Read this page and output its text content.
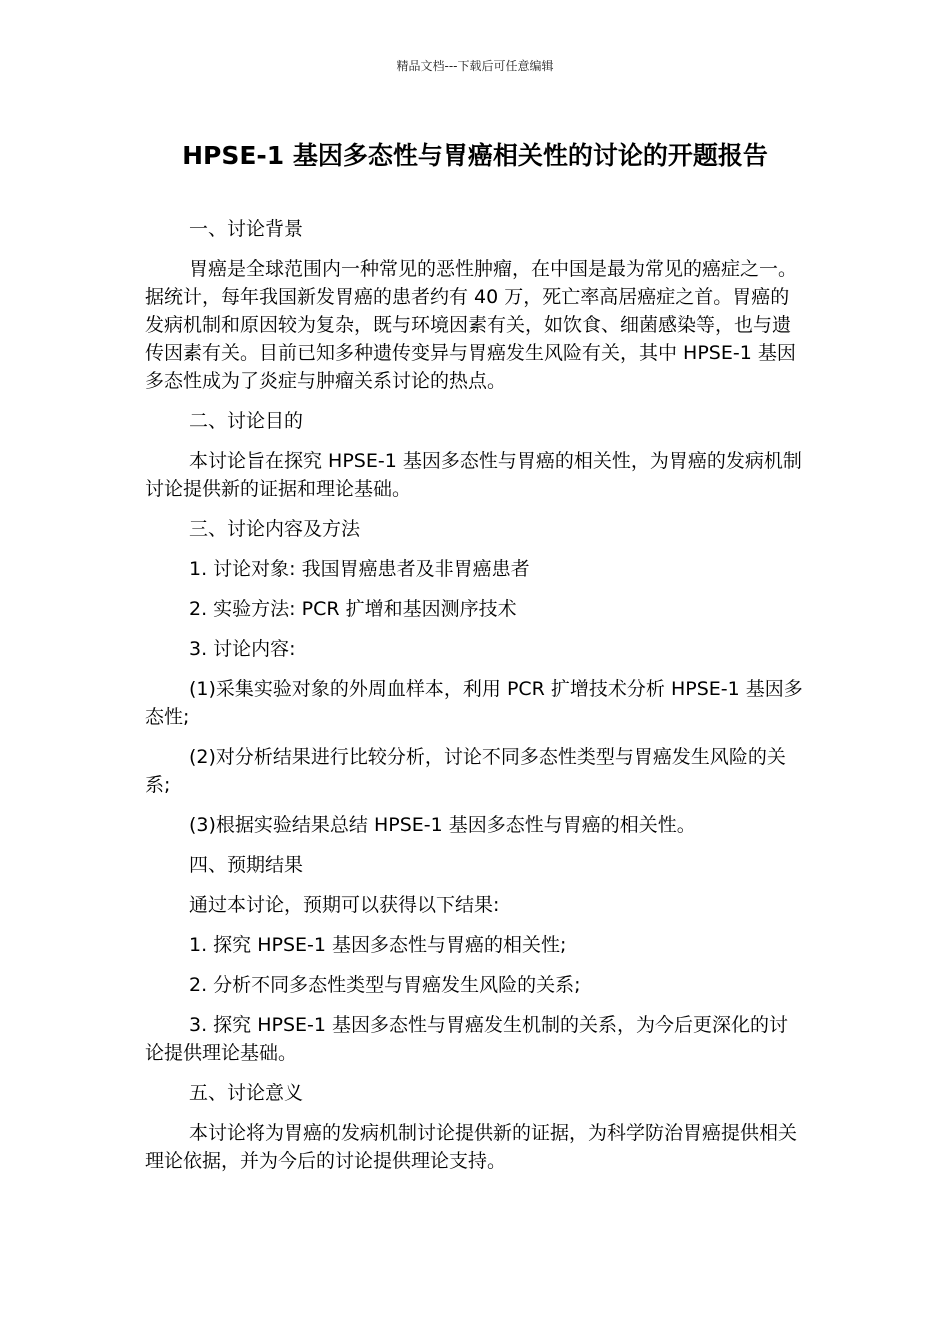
精品文档---下载后可任意编辑
HPSE-1 基因多态性与胃癌相关性的讨论的开题报告

一、讨论背景

胃癌是全球范围内一种常见的恶性肿瘤，在中国是最为常见的癌症之一。据统计，每年我国新发胃癌的患者约有 40 万，死亡率高居癌症之首。胃癌的发病机制和原因较为复杂，既与环境因素有关，如饮食、细菌感染等，也与遗传因素有关。目前已知多种遗传变异与胃癌发生风险有关，其中 HPSE-1 基因多态性成为了炎症与肿瘤关系讨论的热点。

二、讨论目的

本讨论旨在探究 HPSE-1 基因多态性与胃癌的相关性，为胃癌的发病机制讨论提供新的证据和理论基础。

三、讨论内容及方法

1. 讨论对象: 我国胃癌患者及非胃癌患者

2. 实验方法: PCR 扩增和基因测序技术

3. 讨论内容:

(1)采集实验对象的外周血样本，利用 PCR 扩增技术分析 HPSE-1 基因多态性;

(2)对分析结果进行比较分析，讨论不同多态性类型与胃癌发生风险的关系;

(3)根据实验结果总结 HPSE-1 基因多态性与胃癌的相关性。

四、预期结果

通过本讨论，预期可以获得以下结果:

1. 探究 HPSE-1 基因多态性与胃癌的相关性;

2. 分析不同多态性类型与胃癌发生风险的关系;

3. 探究 HPSE-1 基因多态性与胃癌发生机制的关系，为今后更深化的讨论提供理论基础。

五、讨论意义

本讨论将为胃癌的发病机制讨论提供新的证据，为科学防治胃癌提供相关理论依据，并为今后的讨论提供理论支持。
